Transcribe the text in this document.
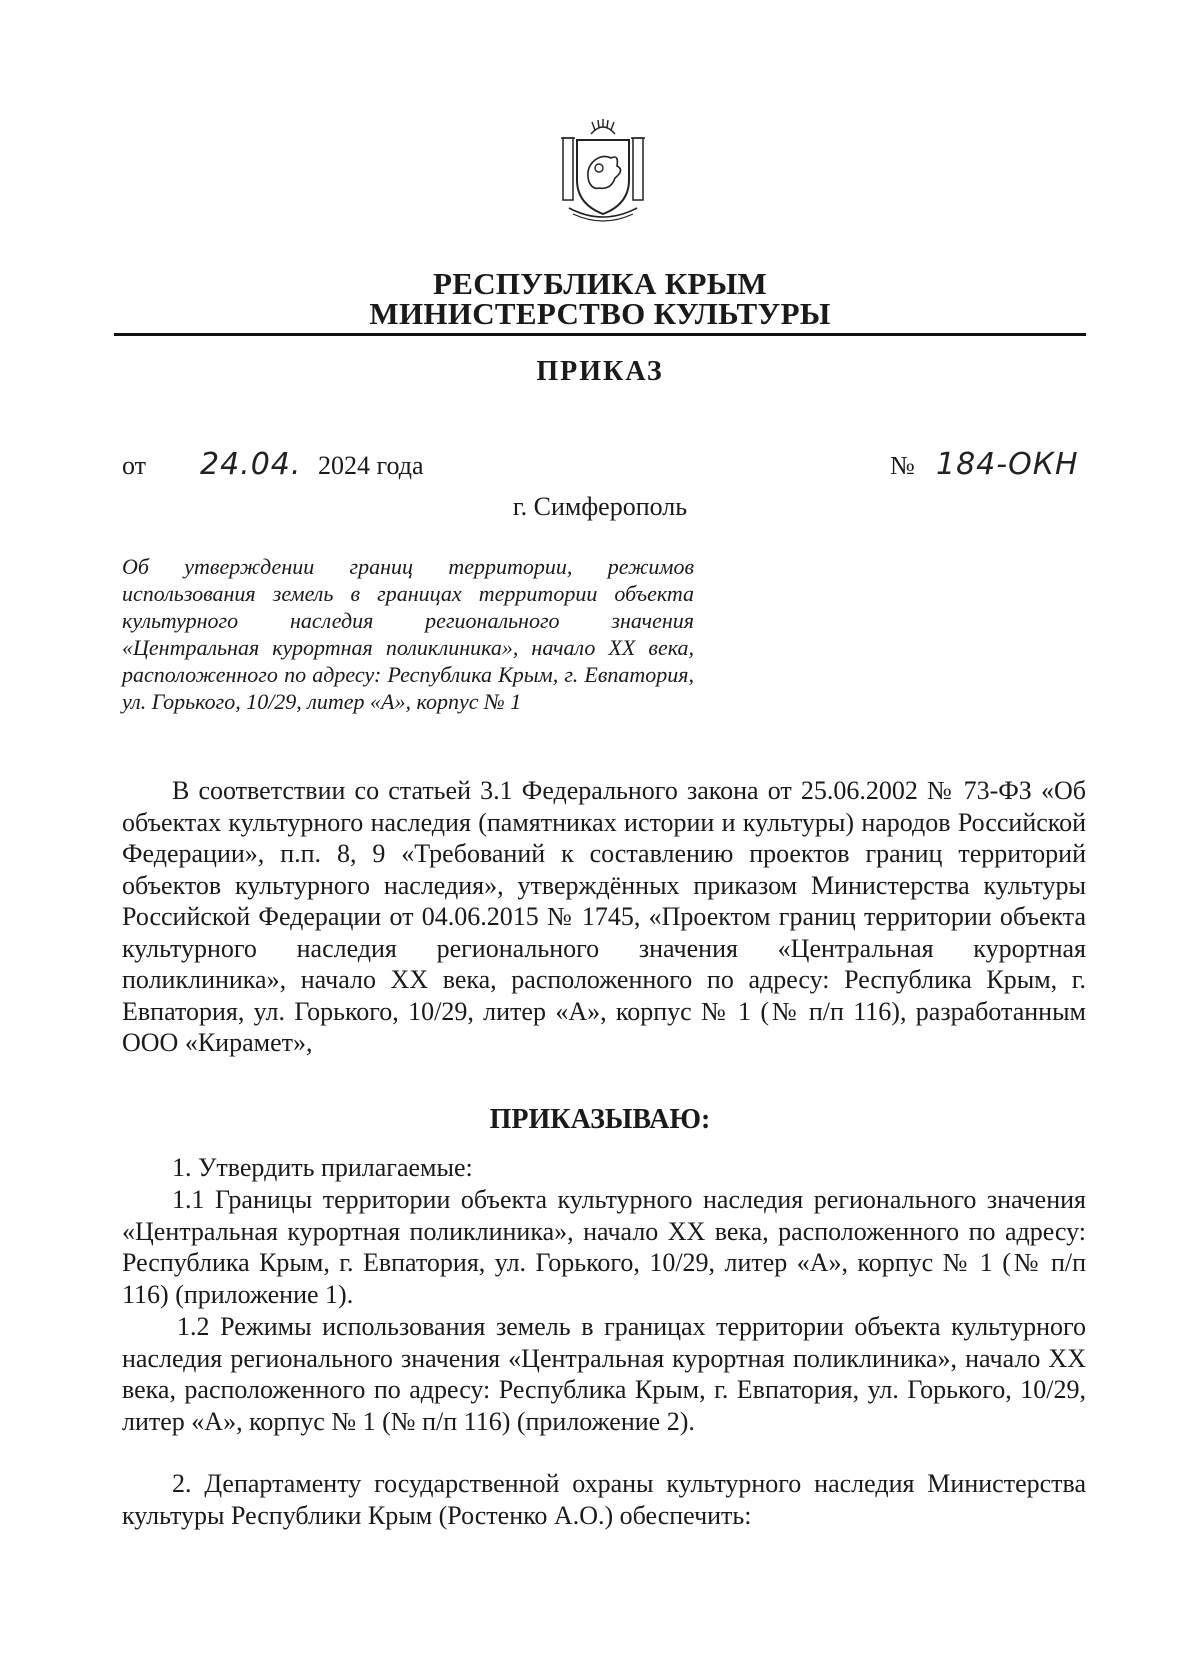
РЕСПУБЛИКА КРЫМ
МИНИСТЕРСТВО КУЛЬТУРЫ
ПРИКАЗ
от 24.04. 2024 года	№ 184-ОКН
г. Симферополь
Об утверждении границ территории, режимов использования земель в границах территории объекта культурного наследия регионального значения «Центральная курортная поликлиника», начало XX века, расположенного по адресу: Республика Крым, г. Евпатория, ул. Горького, 10/29, литер «А», корпус № 1
В соответствии со статьей 3.1 Федерального закона от 25.06.2002 № 73-ФЗ «Об объектах культурного наследия (памятниках истории и культуры) народов Российской Федерации», п.п. 8, 9 «Требований к составлению проектов границ территорий объектов культурного наследия», утверждённых приказом Министерства культуры Российской Федерации от 04.06.2015 № 1745, «Проектом границ территории объекта культурного наследия регионального значения «Центральная курортная поликлиника», начало XX века, расположенного по адресу: Республика Крым, г. Евпатория, ул. Горького, 10/29, литер «А», корпус № 1 (№ п/п 116), разработанным ООО «Кирамет»,
ПРИКАЗЫВАЮ:
1. Утвердить прилагаемые:
1.1 Границы территории объекта культурного наследия регионального значения «Центральная курортная поликлиника», начало XX века, расположенного по адресу: Республика Крым, г. Евпатория, ул. Горького, 10/29, литер «А», корпус № 1 (№ п/п 116) (приложение 1).
1.2 Режимы использования земель в границах территории объекта культурного наследия регионального значения «Центральная курортная поликлиника», начало XX века, расположенного по адресу: Республика Крым, г. Евпатория, ул. Горького, 10/29, литер «А», корпус № 1 (№ п/п 116) (приложение 2).
2. Департаменту государственной охраны культурного наследия Министерства культуры Республики Крым (Ростенко А.О.) обеспечить:
